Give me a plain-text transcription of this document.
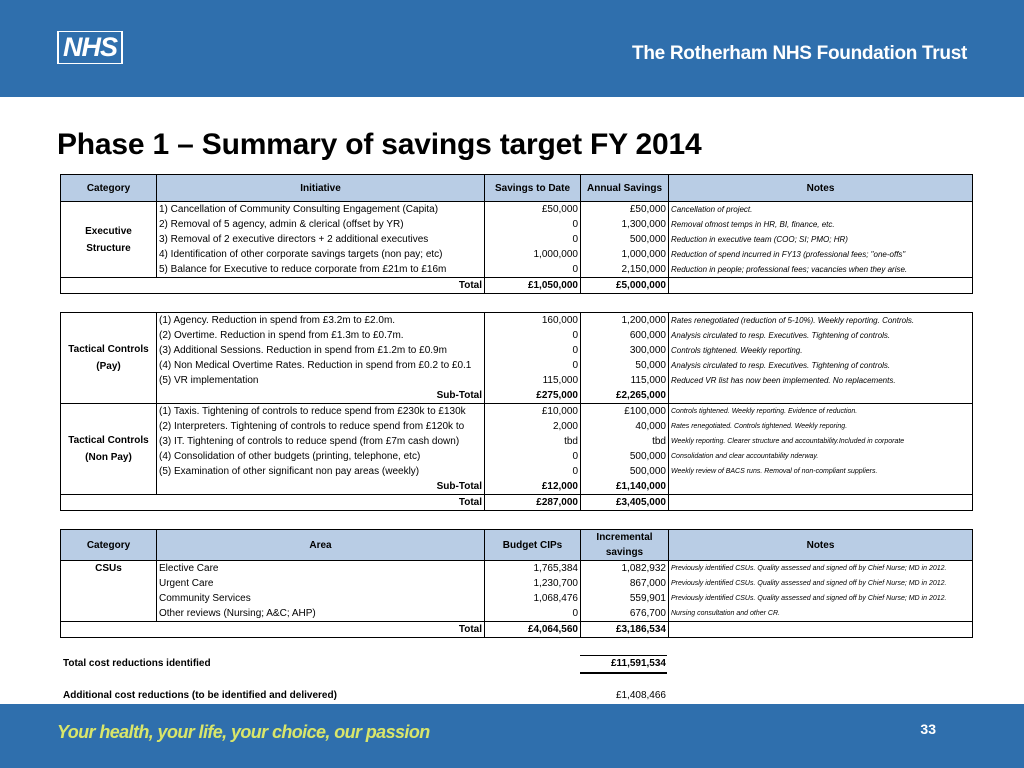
NHS	The Rotherham NHS Foundation Trust
Phase 1 – Summary of savings target FY 2014
Category	Initiative	Savings to Date	Annual Savings	Notes
Executive Structure	1) Cancellation of Community Consulting Engagement (Capita)	£50,000	£50,000	Cancellation of project.
	2) Removal of 5 agency, admin & clerical (offset by YR)	0	1,300,000	Removal ofmost temps in HR, BI, finance, etc.
	3) Removal of 2 executive directors + 2 additional executives	0	500,000	Reduction in executive team (COO; SI; PMO; HR)
	4) Identification of other corporate savings targets (non pay; etc)	1,000,000	1,000,000	Reduction of spend incurred in FY13 (professional fees; "one-offs"
	5) Balance for Executive to reduce corporate from £21m to £16m	0	2,150,000	Reduction in people; professional fees; vacancies when they arise.
Total		£1,050,000	£5,000,000	
Tactical Controls (Pay)	(1) Agency. Reduction in spend from £3.2m to £2.0m.	160,000	1,200,000	Rates renegotiated (reduction of 5-10%). Weekly reporting. Controls.
	(2) Overtime. Reduction in spend from £1.3m to £0.7m.	0	600,000	Analysis circulated to resp. Executives. Tightening of controls.
	(3) Additional Sessions. Reduction in spend from £1.2m to £0.9m	0	300,000	Controls tightened. Weekly reporting.
	(4) Non Medical Overtime Rates. Reduction in spend from £0.2 to £0.1	0	50,000	Analysis circulated to resp. Executives. Tightening of controls.
	(5) VR implementation	115,000	115,000	Reduced VR list has now been implemented. No replacements.
	Sub-Total	£275,000	£2,265,000	
Tactical Controls (Non Pay)	(1) Taxis. Tightening of controls to reduce spend from £230k to £130k	£10,000	£100,000	Controls tightened. Weekly reporting. Evidence of reduction.
	(2) Interpreters. Tightening of controls to reduce spend from £120k to	2,000	40,000	Rates renegotiated. Controls tightened. Weekly reporing.
	(3) IT. Tightening of controls to reduce spend (from £7m cash down)	tbd	tbd	Weekly reporting. Clearer structure and accountability.Included in corporate
	(4) Consolidation of other budgets (printing, telephone, etc)	0	500,000	Consolidation and clear accountability nderway.
	(5) Examination of other significant non pay areas (weekly)	0	500,000	Weekly review of BACS runs. Removal of non-compliant suppliers.
	Sub-Total	£12,000	£1,140,000	
Total		£287,000	£3,405,000	
Category	Area	Budget CIPs	Incremental savings	Notes
CSUs	Elective Care	1,765,384	1,082,932	Previously identified CSUs. Quality assessed and signed off by Chief Nurse; MD in 2012.
	Urgent Care	1,230,700	867,000	Previously identified CSUs. Quality assessed and signed off by Chief Nurse; MD in 2012.
	Community Services	1,068,476	559,901	Previously identified CSUs. Quality assessed and signed off by Chief Nurse; MD in 2012.
	Other reviews (Nursing; A&C; AHP)	0	676,700	Nursing consultation and other CR.
Total		£4,064,560	£3,186,534	
Total cost reductions identified	£11,591,534
Additional cost reductions (to be identified and delivered)	£1,408,466
Your health, your life, your choice, our passion	33
